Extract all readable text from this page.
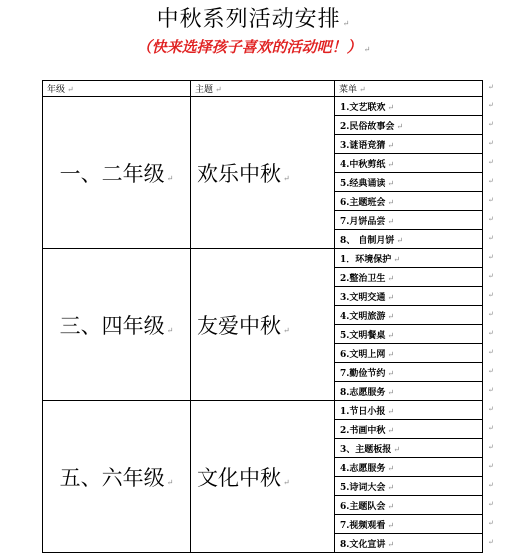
中秋系列活动安排 ↵
（快来选择孩子喜欢的活动吧！） ↵
年级 ↵	主题 ↵	菜单 ↵
一、二年级 ↵	欢乐中秋 ↵	1.文艺联欢 ↵
		2.民俗故事会 ↵
		3.谜语竞猜 ↵
		4.中秋剪纸 ↵
		5.经典诵读 ↵
		6.主题班会 ↵
		7.月饼品尝 ↵
		8、 自制月饼 ↵
三、四年级 ↵	友爱中秋 ↵	1．环境保护 ↵
		2.整治卫生 ↵
		3.文明交通 ↵
		4.文明旅游 ↵
		5.文明餐桌 ↵
		6.文明上网 ↵
		7.勤俭节约 ↵
		8.志愿服务 ↵
五、六年级 ↵	文化中秋 ↵	1.节日小报 ↵
		2.书画中秋 ↵
		3、主题板报 ↵
		4.志愿服务 ↵
		5.诗词大会 ↵
		6.主题队会 ↵
		7.视频观看 ↵
		8.文化宣讲 ↵
↵
↵
↵
↵
↵
↵
↵
↵
↵
↵
↵
↵
↵
↵
↵
↵
↵
↵
↵
↵
↵
↵
↵
↵
↵
